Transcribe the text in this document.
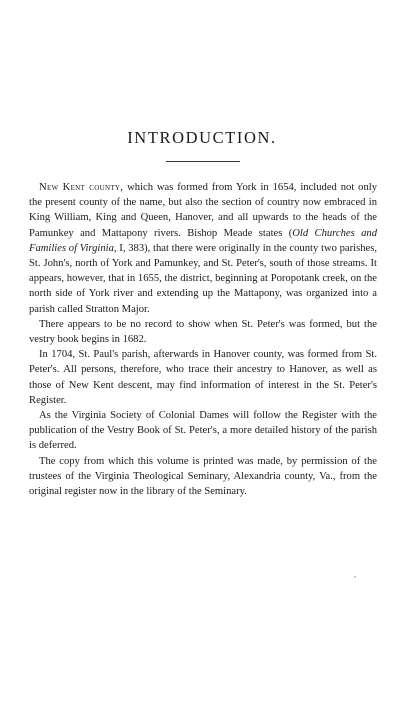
INTRODUCTION.

New Kent county, which was formed from York in 1654, included not only the present county of the name, but also the section of country now embraced in King William, King and Queen, Hanover, and all upwards to the heads of the Pamunkey and Mattapony rivers. Bishop Meade states (Old Churches and Families of Virginia, I, 383), that there were originally in the county two parishes, St. John's, north of York and Pamunkey, and St. Peter's, south of those streams. It appears, however, that in 1655, the district, beginning at Poropotank creek, on the north side of York river and extending up the Mattapony, was organized into a parish called Stratton Major.

There appears to be no record to show when St. Peter's was formed, but the vestry book begins in 1682.

In 1704, St. Paul's parish, afterwards in Hanover county, was formed from St. Peter's. All persons, therefore, who trace their ancestry to Hanover, as well as those of New Kent descent, may find information of interest in the St. Peter's Register.

As the Virginia Society of Colonial Dames will follow the Register with the publication of the Vestry Book of St. Peter's, a more detailed history of the parish is deferred.

The copy from which this volume is printed was made, by permission of the trustees of the Virginia Theological Seminary, Alexandria county, Va., from the original register now in the library of the Seminary.
